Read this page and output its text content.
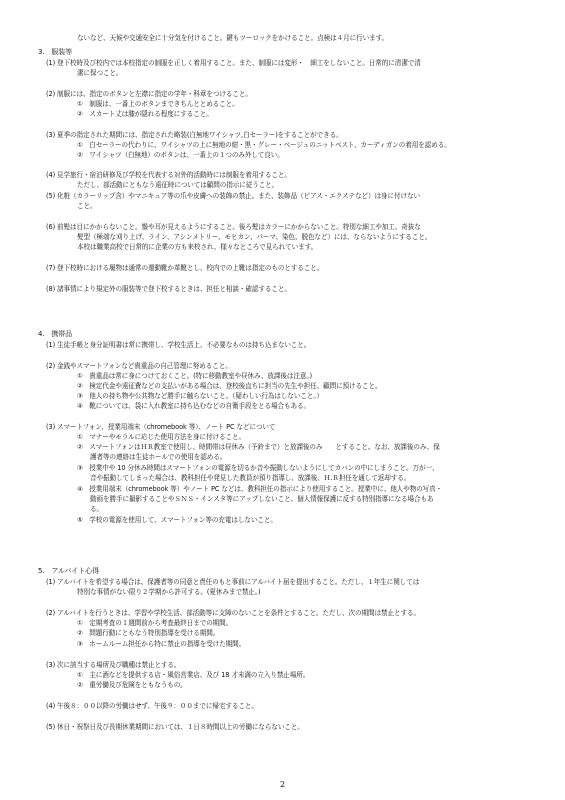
ないなど、天候や交通安全に十分気を付けること。鍵もツーロックをかけること。点検は４月に行います。
3.　服装等
(1) 登下校時及び校内では本校指定の制服を正しく着用すること。また、制服には変形・　細工をしないこと。日常的に清潔で清
潔に保つこと。
(2) 制服には、指定のボタンと左襟に指定の学年・科章をつけること。
①　制服は、一番上のボタンまできちんととめること。
②　スカート丈は膝が隠れる程度にすること。
(3) 夏季の指定された期間には、指定された略装(白無地ワイシャツ,白セーラー)をすることができる。
①　白セーラーの代わりに、ワイシャツの上に無地の紺・黒・グレー・ベージュのニットベスト、カーディガンの着用を認める。
②　ワイシャツ（白無地）のボタンは、一番上の１つのみ外して良い。
(4) 見学旅行・宿泊研修及び学校を代表する対外的活動時には制服を着用すること。
ただし、部活動にともなう遠征時については顧問の指示に従うこと。
(5) 化粧（カラーリップ含）やマニキュア等の爪や皮膚への装飾の禁止。また、装飾品（ピアス・エクステなど）は身に付けない
こと。
(6) 前髪は目にかからないこと。鬚や耳が見えるようにすること。後ろ髪はカラーにかからないこと。特別な細工や加工、奇抜な
髪型（極端な刈り上げ、ライン、アシンメトリー、モヒカン、パーマ、染色、脱色など）には、ならないようにすること。
本校は職業高校で日常的に企業の方も来校され、様々なところで見られています。
(7) 登下校時における履物は通常の運動靴か革靴とし、校内での上靴は指定のものとすること。
(8) 諸事情により規定外の服装等で登下校するときは、担任と相談・確認すること。
4.　携帯品
(1) 生徒手帳と身分証明書は常に携帯し、学校生活上、不必要なものは持ち込まないこと。
(2) 金銭やスマートフォンなど貴重品の自己管理に努めること。
①　貴重品は常に身につけておくこと。(特に移動教室や昼休み、放課後は注意。)
②　検定代金や遠征費などの支払いがある場合は、登校後直ちに担当の先生や担任、顧問に預けること。
③　他人の持ち物や公共物など勝手に触らないこと。（疑わしい行為はしないこと。）
④　靴については、袋に入れ教室に持ち込むなどの自衛手段をとる場合もある。
(3) スマートフォン、授業用端末（chromebook 等）、ノート PC などについて
①　マナーやモラルに応じた使用方法を身に付けること。
②　スマートフォンはＨＲ教室で使用し、時間帯は昼休み（予鈴まで）と放課後のみ　　とすること。なお、放課後のみ、保
護者等の連絡は生徒ホールでの使用を認める。
③　授業中や 10 分休み時間はスマートフォンの電源を切るか音や振動しないようにしてカバンの中にしまうこと。万が一、
音や振動してしまった場合は、教科担任や発見した教員が預り指導し、放課後、Ｈ.Ｒ担任を通して返却する。
④　授業用端末（chromebook 等）やノート PC などは、教科担任の指示により使用すること。授業中に、他人や物の写真・
動画を勝手に撮影することやＳＮＳ・インスタ等にアップしないこと。個人情報保護に反する特別指導になる場合もあ
る。
⑤　学校の電源を使用して、スマートフォン等の充電はしないこと。
5.　アルバイト心得
(1) アルバイトを希望する場合は、保護者等の同意と責任のもと事前にアルバイト届を提出すること。ただし、１年生に関しては
特別な事情がない限り２学期から許可する。(夏休みまで禁止。)
(2) アルバイトを行うときは、学習や学校生活、部活動等に支障のないことを条件とすること。ただし、次の期間は禁止とする。
①　定期考査の１週間前から考査最終日までの期間。
②　問題行動にともなう特別指導を受ける期間。
③　ホームルーム担任から特に禁止の指導を受けた期間。
(3) 次に該当する場所及び職種は禁止とする。
①　主に酒などを提供する店・風俗営業店、及び 18 才未満の立入り禁止場所。
②　重労働及び危険をともなうもの。
(4) 午後８：００以降の労働はせず、午後９：００までに帰宅すること。
(5) 休日・祝祭日及び長期休業期間においては、１日８時間以上の労働にならないこと。
2
